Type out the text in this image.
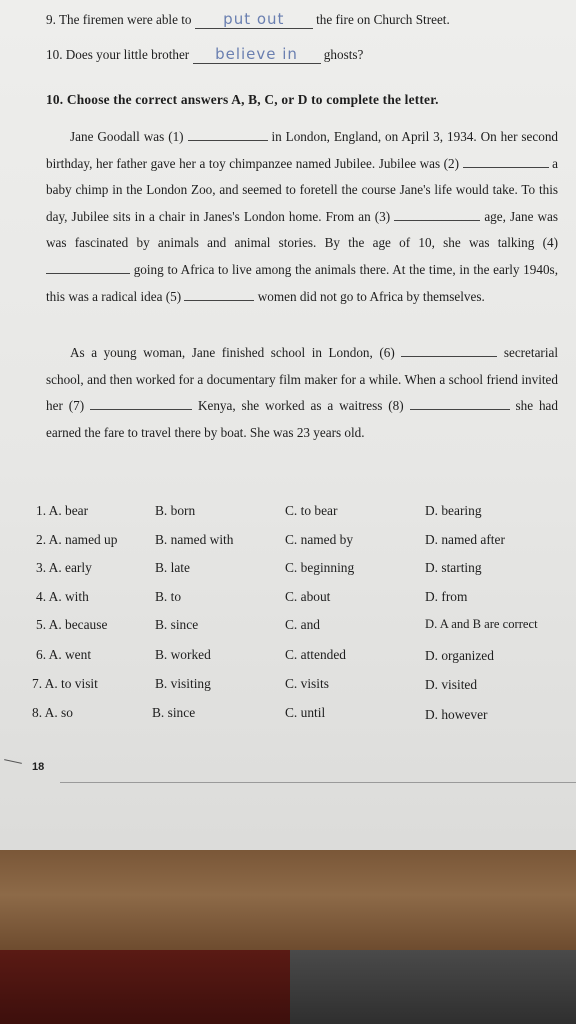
9. The firemen were able to put out the fire on Church Street.
10. Does your little brother believe in ghosts?
10. Choose the correct answers A, B, C, or D to complete the letter.
Jane Goodall was (1)	in London, England, on April 3, 1934. On her second birthday, her father gave her a toy chimpanzee named Jubilee. Jubilee was (2)	a baby chimp in the London Zoo, and seemed to foretell the course Jane's life would take. To this day, Jubilee sits in a chair in Janes's London home. From an (3)	age, Jane was was fascinated by animals and animal stories. By the age of 10, she was talking (4)  going to Africa to live among the animals there. At the time, in the early 1940s, this was a radical idea (5)	women did not go to Africa by themselves.
As a young woman, Jane finished school in London, (6)	secretarial school, and then worked for a documentary film maker for a while. When a school friend invited her (7)	Kenya, she worked as a waitress (8)	she had earned the fare to travel there by boat. She was 23 years old.
1. A. bear	B. born	C. to bear	D. bearing
2. A. named up	B. named with	C. named by	D. named after
3. A. early	B. late	C. beginning	D. starting
4. A. with	B. to	C. about	D. from
5. A. because	B. since	C. and	D. A and B are correct
6. A. went	B. worked	C. attended	D. organized
7. A. to visit	B. visiting	C. visits	D. visited
8. A. so	B. since	C. until	D. however
18
